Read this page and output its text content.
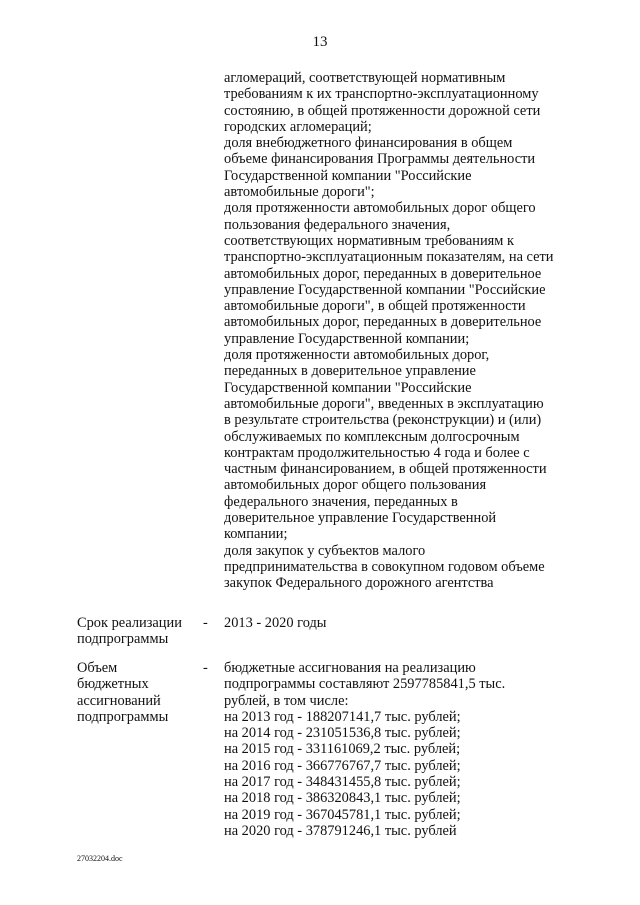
13
агломераций, соответствующей нормативным
требованиям к их транспортно-эксплуатационному
состоянию, в общей протяженности дорожной сети
городских агломераций;
доля внебюджетного финансирования в общем
объеме финансирования Программы деятельности
Государственной компании "Российские
автомобильные дороги";
доля протяженности автомобильных дорог общего
пользования федерального значения,
соответствующих нормативным требованиям к
транспортно-эксплуатационным показателям, на сети
автомобильных дорог, переданных в доверительное
управление Государственной компании "Российские
автомобильные дороги", в общей протяженности
автомобильных дорог, переданных в доверительное
управление Государственной компании;
доля протяженности автомобильных дорог,
переданных в доверительное управление
Государственной компании "Российские
автомобильные дороги", введенных в эксплуатацию
в результате строительства (реконструкции) и (или)
обслуживаемых по комплексным долгосрочным
контрактам продолжительностью 4 года и более с
частным финансированием, в общей протяженности
автомобильных дорог общего пользования
федерального значения, переданных в
доверительное управление Государственной
компании;
доля закупок у субъектов малого
предпринимательства в совокупном годовом объеме
закупок Федерального дорожного агентства
Срок реализации
подпрограммы
- 2013 - 2020 годы
Объем
бюджетных
ассигнований
подпрограммы
- бюджетные ассигнования на реализацию
подпрограммы составляют 2597785841,5 тыс.
рублей, в том числе:
на 2013 год - 188207141,7 тыс. рублей;
на 2014 год - 231051536,8 тыс. рублей;
на 2015 год - 331161069,2 тыс. рублей;
на 2016 год - 366776767,7 тыс. рублей;
на 2017 год - 348431455,8 тыс. рублей;
на 2018 год - 386320843,1 тыс. рублей;
на 2019 год - 367045781,1 тыс. рублей;
на 2020 год - 378791246,1 тыс. рублей
27032204.doc
